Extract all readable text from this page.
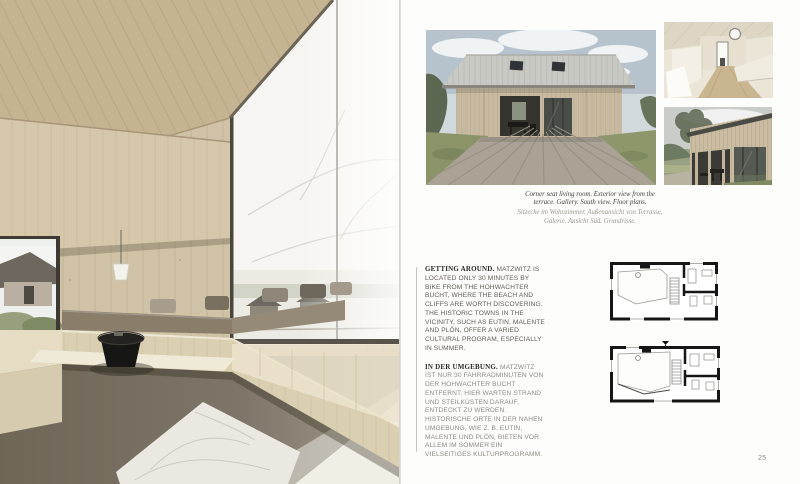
Corner seat living room. Exterior view from the
terrace. Gallery. South view. Floor plans.
Sitzecke im Wohnzimmer. Außenansicht von Terrasse,
Galerie. Ansicht Süd. Grundrisse.

GETTING AROUND. MATZWITZ IS LOCATED ONLY 30 MINUTES BY BIKE FROM THE HOHWACHTER BUCHT, WHERE THE BEACH AND CLIFFS ARE WORTH DISCOVERING. THE HISTORIC TOWNS IN THE VICINITY, SUCH AS EUTIN, MALENTE AND PLÖN, OFFER A VARIED CULTURAL PROGRAM, ESPECIALLY IN SUMMER.

IN DER UMGEBUNG. MATZWITZ IST NUR 30 FAHRRADMINUTEN VON DER HOHWACHTER BUCHT ENTFERNT. HIER WARTEN STRAND UND STEILKÜSTEN DARAUF, ENTDECKT ZU WERDEN. HISTORISCHE ORTE IN DER NAHEN UMGEBUNG, WIE Z. B. EUTIN, MALENTE UND PLÖN, BIETEN VOR ALLEM IM SOMMER EIN VIELSEITIGES KULTURPROGRAMM.

25
